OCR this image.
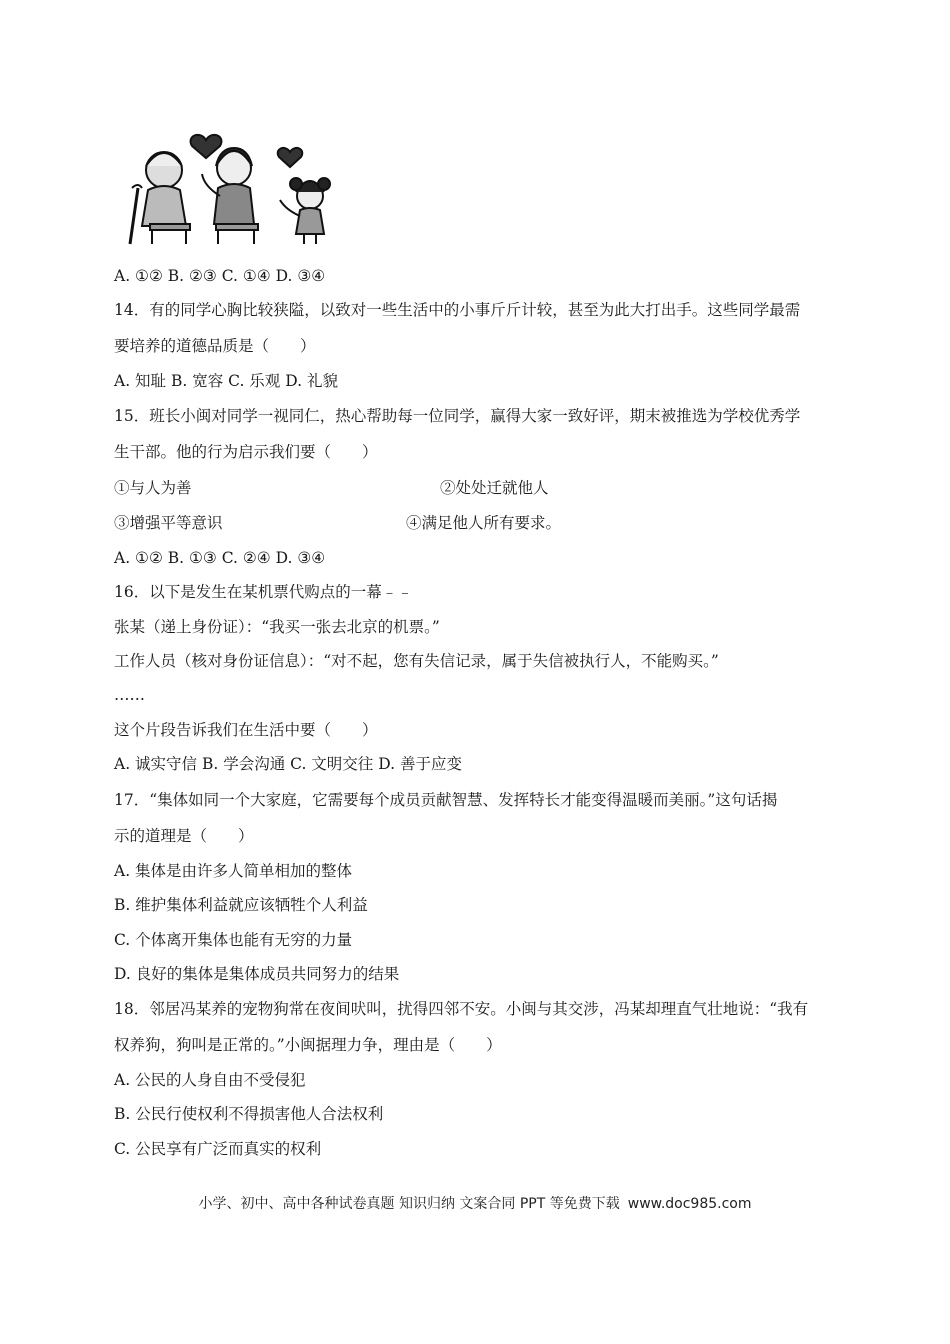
A. ①② B. ②③ C. ①④ D. ③④
14．有的同学心胸比较狭隘，以致对一些生活中的小事斤斤计较，甚至为此大打出手。这些同学最需
要培养的道德品质是（　　）
A. 知耻 B. 宽容 C. 乐观 D. 礼貌
15．班长小闽对同学一视同仁，热心帮助每一位同学，赢得大家一致好评，期末被推选为学校优秀学
生干部。他的行为启示我们要（　　）
①与人为善	②处处迁就他人
③增强平等意识	④满足他人所有要求。
A. ①② B. ①③ C. ②④ D. ③④
16．以下是发生在某机票代购点的一幕﹣﹣
张某（递上身份证）：“我买一张去北京的机票。”
工作人员（核对身份证信息）：“对不起，您有失信记录，属于失信被执行人，不能购买。”
……
这个片段告诉我们在生活中要（　　）
A. 诚实守信 B. 学会沟通 C. 文明交往 D. 善于应变
17．“集体如同一个大家庭，它需要每个成员贡献智慧、发挥特长才能变得温暖而美丽。”这句话揭
示的道理是（　　）
A. 集体是由许多人简单相加的整体
B. 维护集体利益就应该牺牲个人利益
C. 个体离开集体也能有无穷的力量
D. 良好的集体是集体成员共同努力的结果
18．邻居冯某养的宠物狗常在夜间吠叫，扰得四邻不安。小闽与其交涉，冯某却理直气壮地说：“我有
权养狗，狗叫是正常的。”小闽据理力争，理由是（　　）
A. 公民的人身自由不受侵犯
B. 公民行使权利不得损害他人合法权利
C. 公民享有广泛而真实的权利
小学、初中、高中各种试卷真题 知识归纳 文案合同 PPT 等免费下载 www.doc985.com
